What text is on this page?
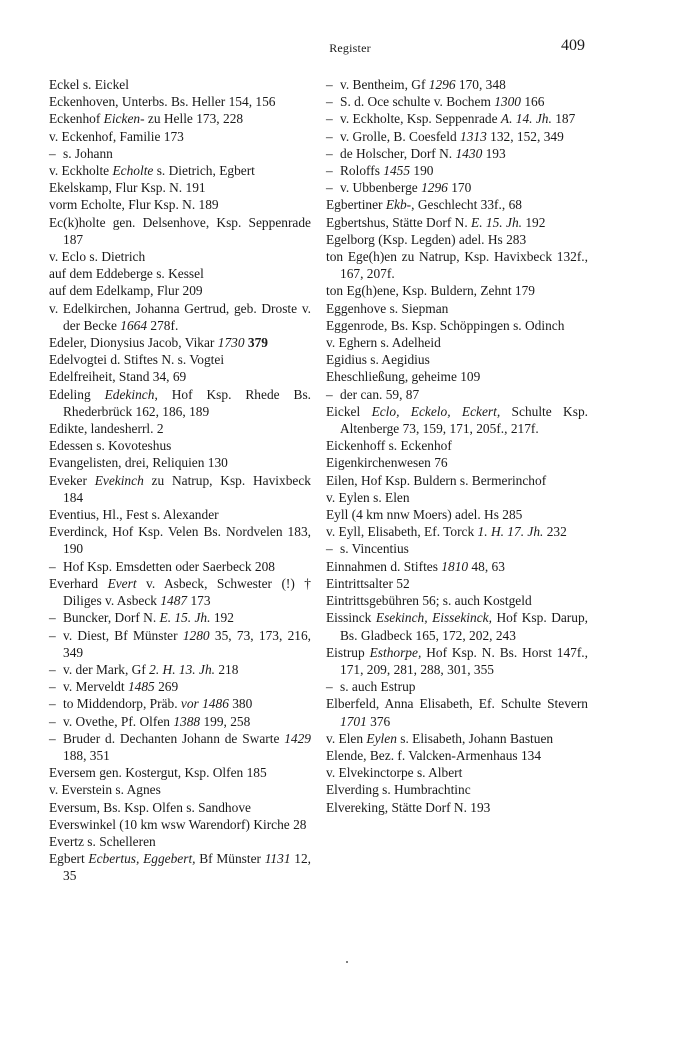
Register	409

Eckel s. Eickel

Eckenhoven, Unterbs. Bs. Heller 154, 156

Eckenhof Eicken- zu Helle 173, 228

v. Eckenhof, Familie 173

– s. Johann

v. Eckholte Echolte s. Dietrich, Egbert

Ekelskamp, Flur Ksp. N. 191

vorm Echolte, Flur Ksp. N. 189

Ec(k)holte gen. Delsenhove, Ksp. Seppenrade 187

v. Eclo s. Dietrich

auf dem Eddeberge s. Kessel

auf dem Edelkamp, Flur 209

v. Edelkirchen, Johanna Gertrud, geb. Droste v. der Becke 1664 278f.

Edeler, Dionysius Jacob, Vikar 1730 379

Edelvogtei d. Stiftes N. s. Vogtei

Edelfreiheit, Stand 34, 69

Edeling Edekinch, Hof Ksp. Rhede Bs. Rhederbrück 162, 186, 189

Edikte, landesherrl. 2

Edessen s. Kovoteshus

Evangelisten, drei, Reliquien 130

Eveker Evekinch zu Natrup, Ksp. Havixbeck 184

Eventius, Hl., Fest s. Alexander

Everdinck, Hof Ksp. Velen Bs. Nordvelen 183, 190

– Hof Ksp. Emsdetten oder Saerbeck 208

Everhard Evert v. Asbeck, Schwester (!) † Diliges v. Asbeck 1487 173

– Buncker, Dorf N. E. 15. Jh. 192

– v. Diest, Bf Münster 1280 35, 73, 173, 216, 349

– v. der Mark, Gf 2. H. 13. Jh. 218

– v. Merveldt 1485 269

– to Middendorp, Präb. vor 1486 380

– v. Ovethe, Pf. Olfen 1388 199, 258

– Bruder d. Dechanten Johann de Swarte 1429 188, 351

Eversem gen. Kostergut, Ksp. Olfen 185

v. Everstein s. Agnes

Eversum, Bs. Ksp. Olfen s. Sandhove

Everswinkel (10 km wsw Warendorf) Kirche 28

Evertz s. Schelleren

Egbert Ecbertus, Eggebert, Bf Münster 1131 12, 35

– v. Bentheim, Gf 1296 170, 348

– S. d. Oce schulte v. Bochem 1300 166

– v. Eckholte, Ksp. Seppenrade A. 14. Jh. 187

– v. Grolle, B. Coesfeld 1313 132, 152, 349

– de Holscher, Dorf N. 1430 193

– Roloffs 1455 190

– v. Ubbenberge 1296 170

Egbertiner Ekb-, Geschlecht 33f., 68

Egbertshus, Stätte Dorf N. E. 15. Jh. 192

Egelborg (Ksp. Legden) adel. Hs 283

ton Ege(h)en zu Natrup, Ksp. Havixbeck 132f., 167, 207f.

ton Eg(h)ene, Ksp. Buldern, Zehnt 179

Eggenhove s. Siepman

Eggenrode, Bs. Ksp. Schöppingen s. Odinch

v. Eghern s. Adelheid

Egidius s. Aegidius

Eheschließung, geheime 109

– der can. 59, 87

Eickel Eclo, Eckelo, Eckert, Schulte Ksp. Altenberge 73, 159, 171, 205f., 217f.

Eickenhoff s. Eckenhof

Eigenkirchenwesen 76

Eilen, Hof Ksp. Buldern s. Bermerinchof

v. Eylen s. Elen

Eyll (4 km nnw Moers) adel. Hs 285

v. Eyll, Elisabeth, Ef. Torck 1. H. 17. Jh. 232

– s. Vincentius

Einnahmen d. Stiftes 1810 48, 63

Eintrittsalter 52

Eintrittsgebühren 56; s. auch Kostgeld

Eissinck Esekinch, Eissekinck, Hof Ksp. Darup, Bs. Gladbeck 165, 172, 202, 243

Eistrup Esthorpe, Hof Ksp. N. Bs. Horst 147f., 171, 209, 281, 288, 301, 355

– s. auch Estrup

Elberfeld, Anna Elisabeth, Ef. Schulte Stevern 1701 376

v. Elen Eylen s. Elisabeth, Johann Bastuen

Elende, Bez. f. Valcken-Armenhaus 134

v. Elvekinctorpe s. Albert

Elverding s. Humbrachtinc

Elvereking, Stätte Dorf N. 193
